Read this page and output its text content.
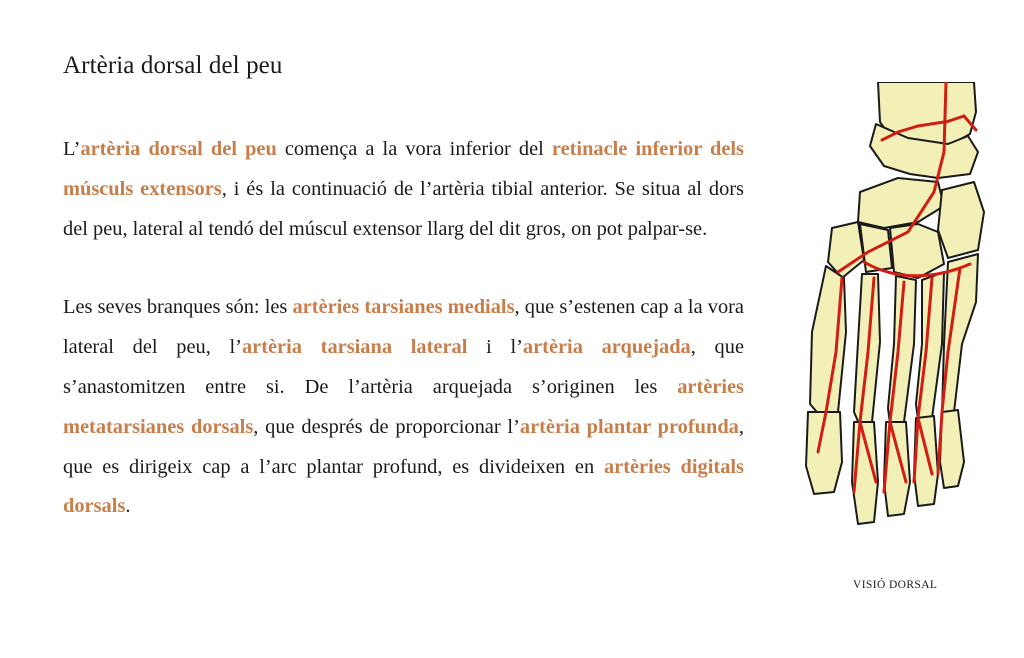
Artèria dorsal del peu

L’artèria dorsal del peu comença a la vora inferior del retinacle inferior dels músculs extensors, i és la continuació de l’artèria tibial anterior. Se situa al dors del peu, lateral al tendó del múscul extensor llarg del dit gros, on pot palpar-se.

Les seves branques són: les artèries tarsianes medials, que s’estenen cap a la vora lateral del peu, l’artèria tarsiana lateral i l’artèria arquejada, que s’anastomitzen entre si. De l’artèria arquejada s’originen les artèries metatarsianes dorsals, que després de proporcionar l’artèria plantar profunda, que es dirigeix cap a l’arc plantar profund, es divideixen en artèries digitals dorsals.

VISIÓ DORSAL
